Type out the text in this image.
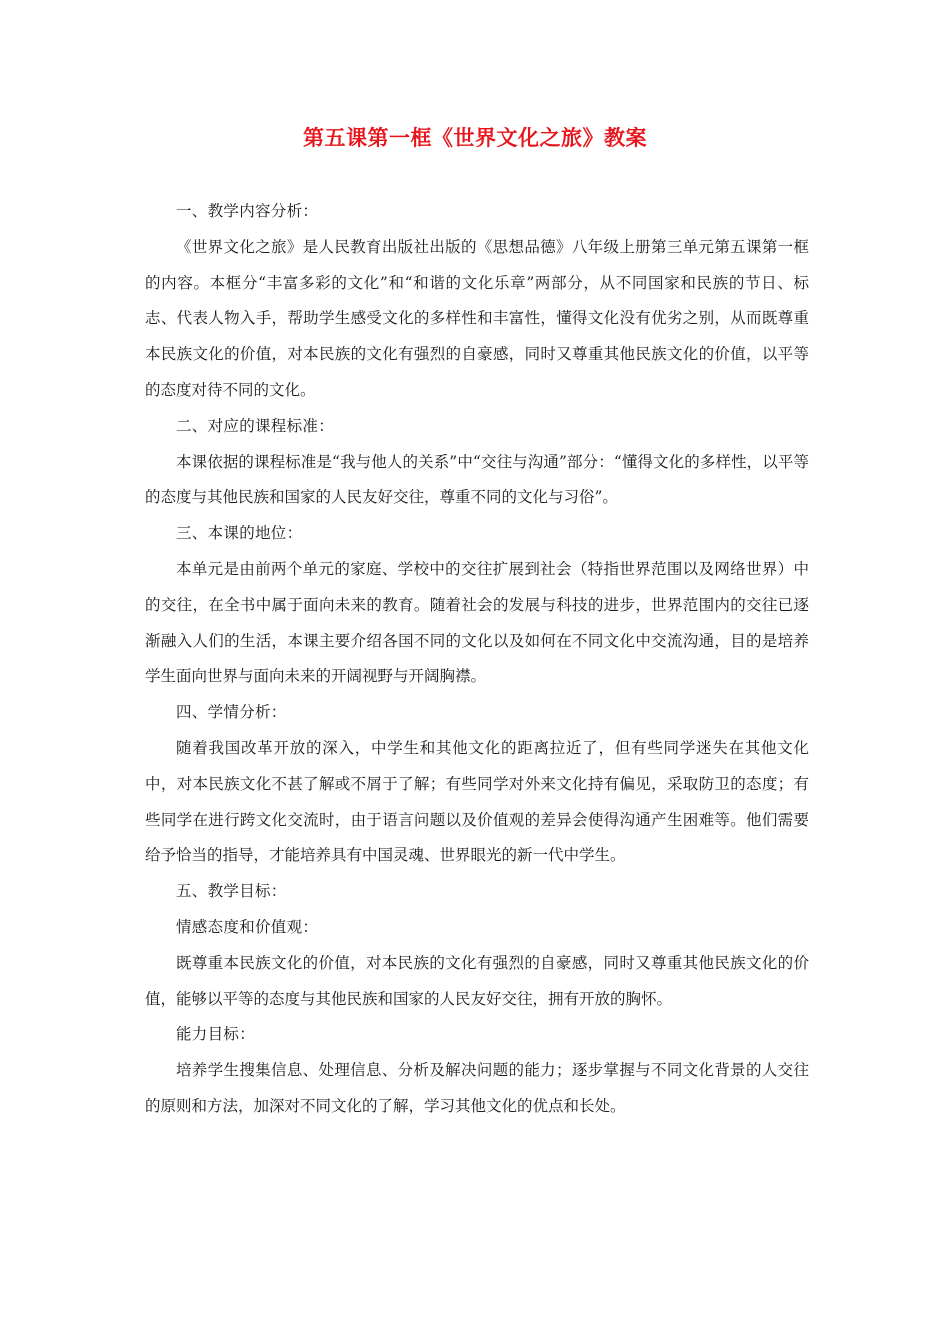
第五课第一框《世界文化之旅》教案

一、教学内容分析：

《世界文化之旅》是人民教育出版社出版的《思想品德》八年级上册第三单元第五课第一框的内容。本框分“丰富多彩的文化”和“和谐的文化乐章”两部分，从不同国家和民族的节日、标志、代表人物入手，帮助学生感受文化的多样性和丰富性，懂得文化没有优劣之别，从而既尊重本民族文化的价值，对本民族的文化有强烈的自豪感，同时又尊重其他民族文化的价值，以平等的态度对待不同的文化。

二、对应的课程标准：

本课依据的课程标准是“我与他人的关系”中“交往与沟通”部分：“懂得文化的多样性，以平等的态度与其他民族和国家的人民友好交往，尊重不同的文化与习俗”。

三、本课的地位：

本单元是由前两个单元的家庭、学校中的交往扩展到社会（特指世界范围以及网络世界）中的交往，在全书中属于面向未来的教育。随着社会的发展与科技的进步，世界范围内的交往已逐渐融入人们的生活，本课主要介绍各国不同的文化以及如何在不同文化中交流沟通，目的是培养学生面向世界与面向未来的开阔视野与开阔胸襟。

四、学情分析：

随着我国改革开放的深入，中学生和其他文化的距离拉近了，但有些同学迷失在其他文化中，对本民族文化不甚了解或不屑于了解；有些同学对外来文化持有偏见，采取防卫的态度；有些同学在进行跨文化交流时，由于语言问题以及价值观的差异会使得沟通产生困难等。他们需要给予恰当的指导，才能培养具有中国灵魂、世界眼光的新一代中学生。

五、教学目标：

情感态度和价值观：

既尊重本民族文化的价值，对本民族的文化有强烈的自豪感，同时又尊重其他民族文化的价值，能够以平等的态度与其他民族和国家的人民友好交往，拥有开放的胸怀。

能力目标：

培养学生搜集信息、处理信息、分析及解决问题的能力；逐步掌握与不同文化背景的人交往的原则和方法，加深对不同文化的了解，学习其他文化的优点和长处。
